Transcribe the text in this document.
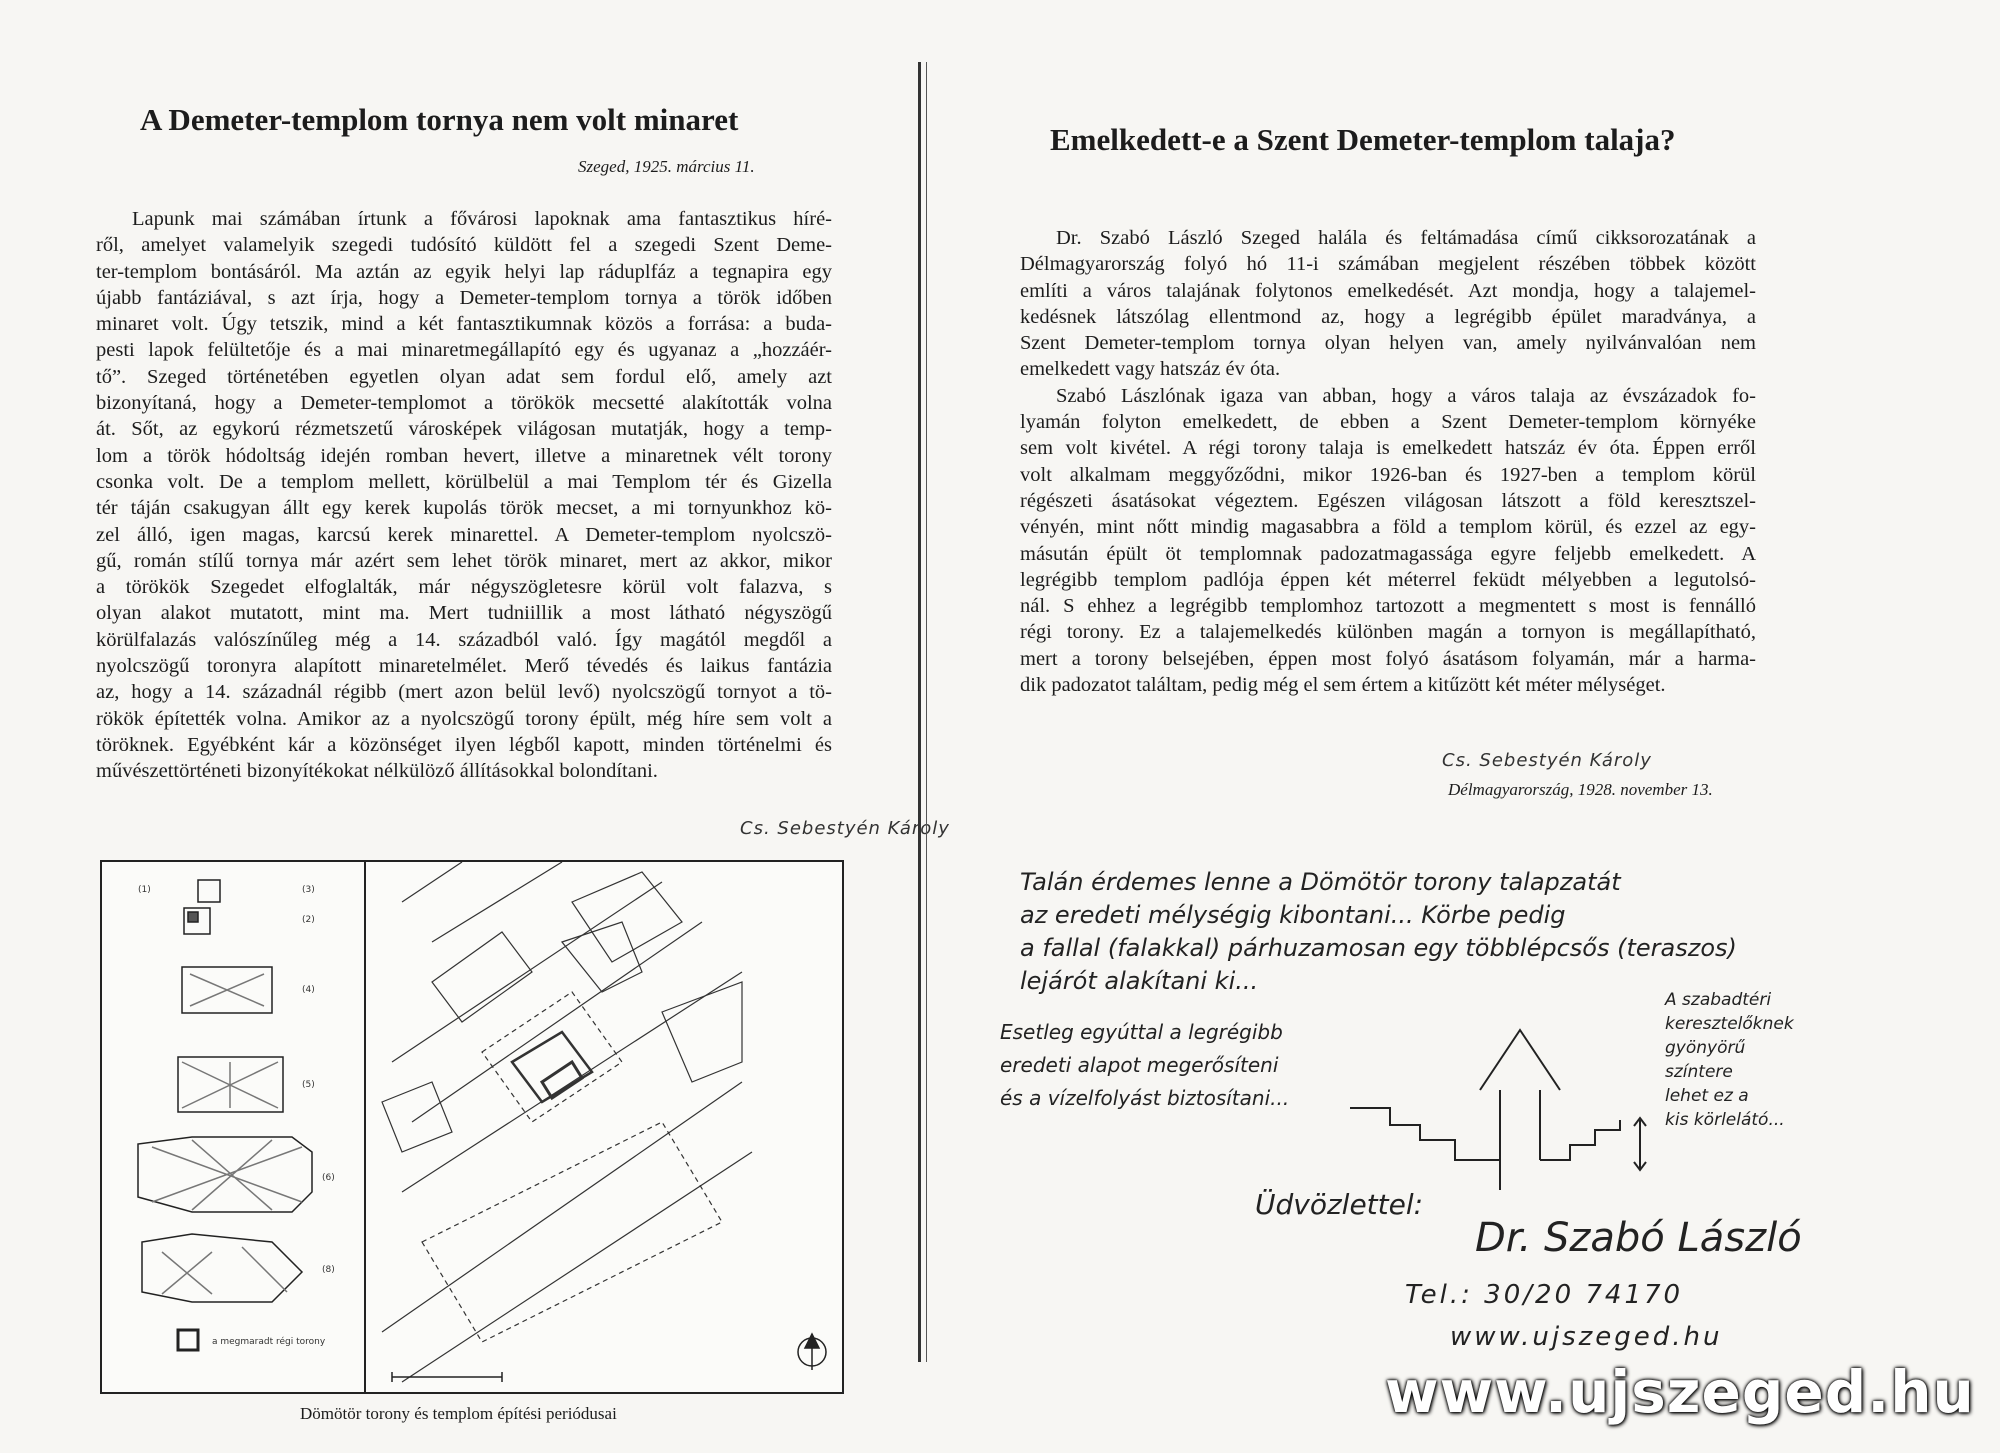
A Demeter-templom tornya nem volt minaret
Szeged, 1925. március 11.

Lapunk mai számában írtunk a fővárosi lapoknak ama fantasztikus híré-

ről, amelyet valamelyik szegedi tudósító küldött fel a szegedi Szent Deme-
ter-templom bontásáról. Ma aztán az egyik helyi lap ráduplfáz a tegnapira egy
újabb fantáziával, s azt írja, hogy a Demeter-templom tornya a török időben
minaret volt. Úgy tetszik, mind a két fantasztikumnak közös a forrása: a buda-
pesti lapok felültetője és a mai minaretmegállapító egy és ugyanaz a „hozzáér-
tő”. Szeged történetében egyetlen olyan adat sem fordul elő, amely azt
bizonyítaná, hogy a Demeter-templomot a törökök mecsetté alakították volna
át. Sőt, az egykorú rézmetszetű városképek világosan mutatják, hogy a temp-
lom a török hódoltság idején romban hevert, illetve a minaretnek vélt torony
csonka volt. De a templom mellett, körülbelül a mai Templom tér és Gizella
tér táján csakugyan állt egy kerek kupolás török mecset, a mi tornyunkhoz kö-
zel álló, igen magas, karcsú kerek minarettel. A Demeter-templom nyolcszö-
gű, román stílű tornya már azért sem lehet török minaret, mert az akkor, mikor
a törökök Szegedet elfoglalták, már négyszögletesre körül volt falazva, s
olyan alakot mutatott, mint ma. Mert tudniillik a most látható négyszögű
körülfalazás valószínűleg még a 14. századból való. Így magától megdől a
nyolcszögű toronyra alapított minaretelmélet. Merő tévedés és laikus fantázia
az, hogy a 14. századnál régibb (mert azon belül levő) nyolcszögű tornyot a tö-
rökök építették volna. Amikor az a nyolcszögű torony épült, még híre sem volt a
töröknek. Egyébként kár a közönséget ilyen légből kapott, minden történelmi és
művészettörténeti bizonyítékokat nélkülöző állításokkal bolondítani.
Cs. Sebestyén Károly
(3)
(2)
(1)
(4)
(5)
(6)
(8)
a megmaradt régi torony
Dömötör torony és templom építési periódusai
Emelkedett-e a Szent Demeter-templom talaja?
Dr. Szabó László Szeged halála és feltámadása című cikksorozatának a
Délmagyarország folyó hó 11-i számában megjelent részében többek között
említi a város talajának folytonos emelkedését. Azt mondja, hogy a talajemel-
kedésnek látszólag ellentmond az, hogy a legrégibb épület maradványa, a
Szent Demeter-templom tornya olyan helyen van, amely nyilvánvalóan nem
emelkedett vagy hatszáz év óta.
Szabó Lászlónak igaza van abban, hogy a város talaja az évszázadok fo-
lyamán folyton emelkedett, de ebben a Szent Demeter-templom környéke
sem volt kivétel. A régi torony talaja is emelkedett hatszáz év óta. Éppen erről
volt alkalmam meggyőződni, mikor 1926-ban és 1927-ben a templom körül
régészeti ásatásokat végeztem. Egészen világosan látszott a föld keresztszel-
vényén, mint nőtt mindig magasabbra a föld a templom körül, és ezzel az egy-
másután épült öt templomnak padozatmagassága egyre feljebb emelkedett. A
legrégibb templom padlója éppen két méterrel feküdt mélyebben a legutolsó-
nál. S ehhez a legrégibb templomhoz tartozott a megmentett s most is fennálló
régi torony. Ez a talajemelkedés különben magán a tornyon is megállapítható,
mert a torony belsejében, éppen most folyó ásatásom folyamán, már a harma-
dik padozatot találtam, pedig még el sem értem a kitűzött két méter mélységet.
Cs. Sebestyén Károly
Délmagyarország, 1928. november 13.
Talán érdemes lenne a Dömötör torony talapzatát
az eredeti mélységig kibontani... Körbe pedig
a fallal (falakkal) párhuzamosan egy többlépcsős (teraszos)
lejárót alakítani ki...
Esetleg egyúttal a legrégibb
eredeti alapot megerősíteni
és a vízelfolyást biztosítani...
A szabadtéri
keresztelőknek
gyönyörű
színtere
lehet ez a
kis körlelátó...
Üdvözlettel:
Dr. Szabó László
Tel.: 30/20 74170
www.ujszeged.hu
www.ujszeged.hu
